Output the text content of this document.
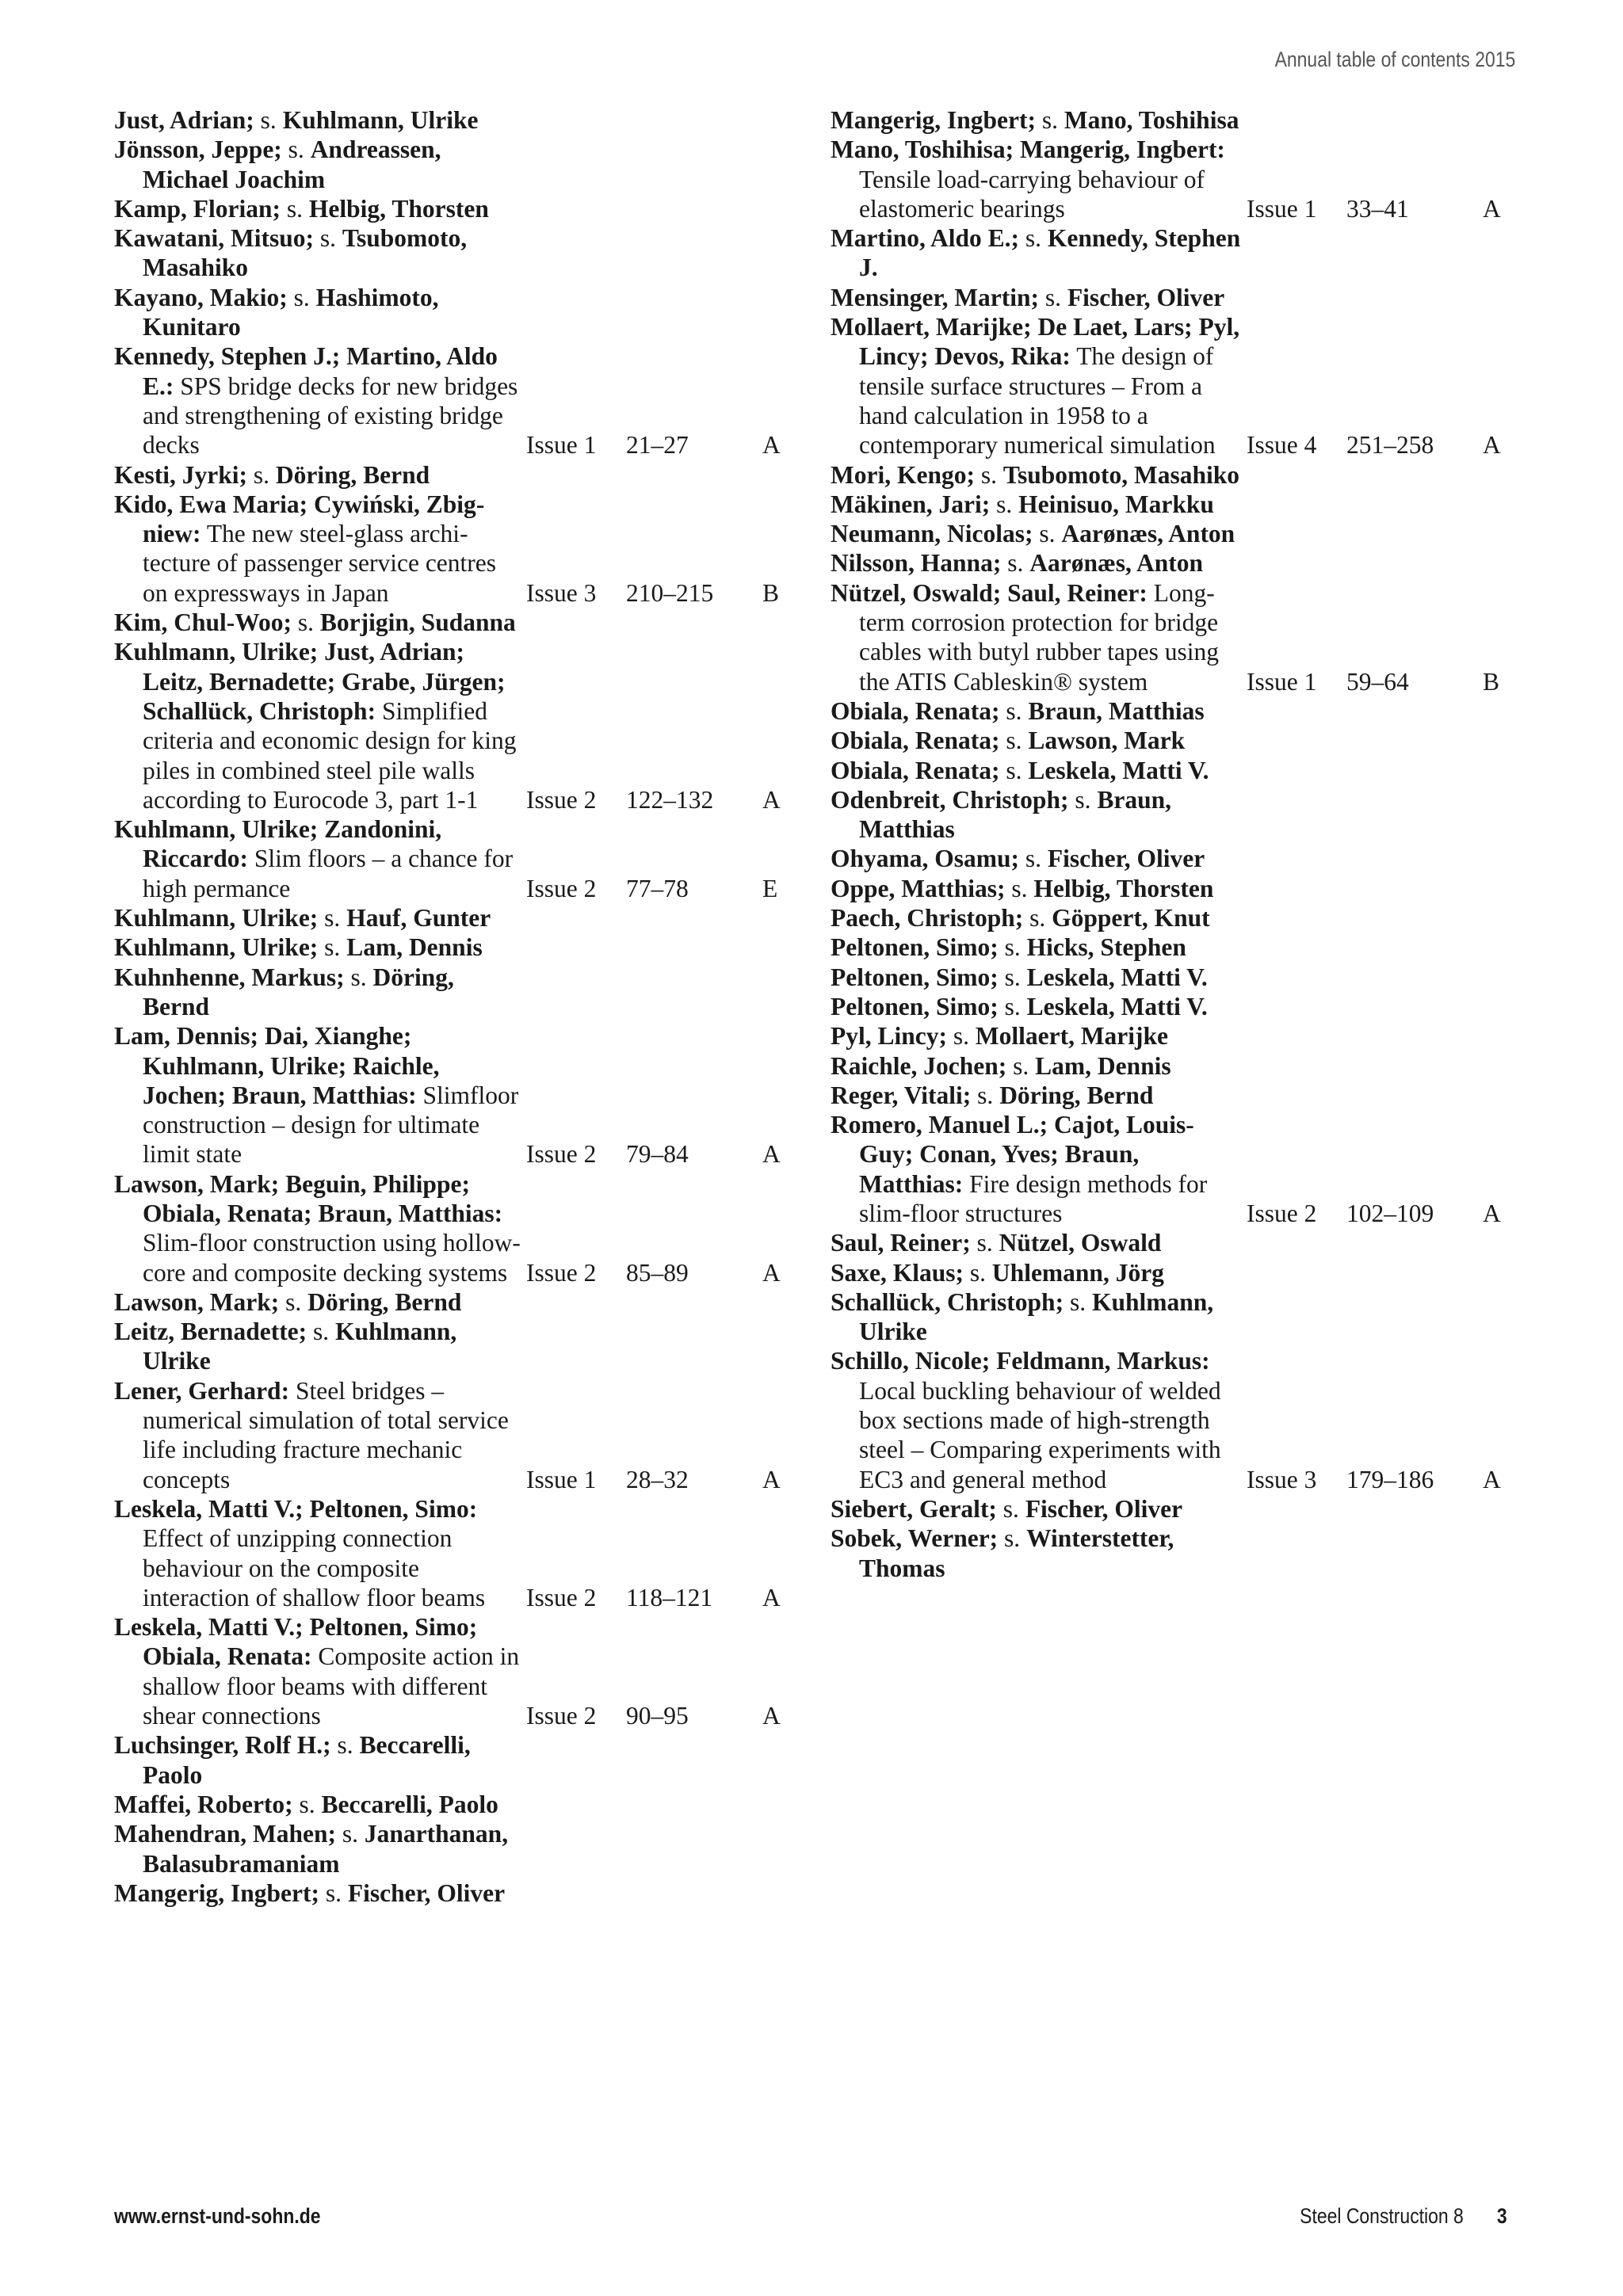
Annual table of contents 2015
Just, Adrian; s. Kuhlmann, Ulrike
Jönsson, Jeppe; s. Andreassen, Michael Joachim
Kamp, Florian; s. Helbig, Thorsten
Kawatani, Mitsuo; s. Tsubomoto, Masahiko
Kayano, Makio; s. Hashimoto, Kunitaro
Kennedy, Stephen J.; Martino, Aldo E.: SPS bridge decks for new bridges and strengthening of existing bridge decks	Issue 1	21–27	A
Kesti, Jyrki; s. Döring, Bernd
Kido, Ewa Maria; Cywiński, Zbigniew: The new steel-glass architecture of passenger service centres on expressways in Japan	Issue 3	210–215	B
Kim, Chul-Woo; s. Borjigin, Sudanna
Kuhlmann, Ulrike; Just, Adrian; Leitz, Bernadette; Grabe, Jürgen; Schallück, Christoph: Simplified criteria and economic design for king piles in combined steel pile walls according to Eurocode 3, part 1-1	Issue 2	122–132	A
Kuhlmann, Ulrike; Zandonini, Riccardo: Slim floors – a chance for high permance	Issue 2	77–78	E
Kuhlmann, Ulrike; s. Hauf, Gunter
Kuhlmann, Ulrike; s. Lam, Dennis
Kuhnhenne, Markus; s. Döring, Bernd
Lam, Dennis; Dai, Xianghe; Kuhlmann, Ulrike; Raichle, Jochen; Braun, Matthias: Slimfloor construction – design for ultimate limit state	Issue 2	79–84	A
Lawson, Mark; Beguin, Philippe; Obiala, Renata; Braun, Matthias: Slim-floor construction using hollow-core and composite decking systems Issue 2	85–89	A
Lawson, Mark; s. Döring, Bernd
Leitz, Bernadette; s. Kuhlmann, Ulrike
Lener, Gerhard: Steel bridges – numerical simulation of total service life including fracture mechanic concepts	Issue 1	28–32	A
Leskela, Matti V.; Peltonen, Simo: Effect of unzipping connection behaviour on the composite interaction of shallow floor beams	Issue 2	118–121	A
Leskela, Matti V.; Peltonen, Simo; Obiala, Renata: Composite action in shallow floor beams with different shear connections	Issue 2	90–95	A
Luchsinger, Rolf H.; s. Beccarelli, Paolo
Maffei, Roberto; s. Beccarelli, Paolo
Mahendran, Mahen; s. Janarthanan, Balasubramaniam
Mangerig, Ingbert; s. Fischer, Oliver
Mangerig, Ingbert; s. Mano, Toshihisa
Mano, Toshihisa; Mangerig, Ingbert: Tensile load-carrying behaviour of elastomeric bearings	Issue 1	33–41	A
Martino, Aldo E.; s. Kennedy, Stephen J.
Mensinger, Martin; s. Fischer, Oliver
Mollaert, Marijke; De Laet, Lars; Pyl, Lincy; Devos, Rika: The design of tensile surface structures – From a hand calculation in 1958 to a contemporary numerical simulation	Issue 4	251–258	A
Mori, Kengo; s. Tsubomoto, Masahiko
Mäkinen, Jari; s. Heinisuo, Markku
Neumann, Nicolas; s. Aarønæs, Anton
Nilsson, Hanna; s. Aarønæs, Anton
Nützel, Oswald; Saul, Reiner: Long-term corrosion protection for bridge cables with butyl rubber tapes using the ATIS Cableskin® system	Issue 1	59–64	B
Obiala, Renata; s. Braun, Matthias
Obiala, Renata; s. Lawson, Mark
Obiala, Renata; s. Leskela, Matti V.
Odenbreit, Christoph; s. Braun, Matthias
Ohyama, Osamu; s. Fischer, Oliver
Oppe, Matthias; s. Helbig, Thorsten
Paech, Christoph; s. Göppert, Knut
Peltonen, Simo; s. Hicks, Stephen
Peltonen, Simo; s. Leskela, Matti V.
Peltonen, Simo; s. Leskela, Matti V.
Pyl, Lincy; s. Mollaert, Marijke
Raichle, Jochen; s. Lam, Dennis
Reger, Vitali; s. Döring, Bernd
Romero, Manuel L.; Cajot, Louis-Guy; Conan, Yves; Braun, Matthias: Fire design methods for slim-floor structures	Issue 2	102–109	A
Saul, Reiner; s. Nützel, Oswald
Saxe, Klaus; s. Uhlemann, Jörg
Schallück, Christoph; s. Kuhlmann, Ulrike
Schillo, Nicole; Feldmann, Markus: Local buckling behaviour of welded box sections made of high-strength steel – Comparing experiments with EC3 and general method	Issue 3	179–186	A
Siebert, Geralt; s. Fischer, Oliver
Sobek, Werner; s. Winterstetter, Thomas
www.ernst-und-sohn.de	Steel Construction 8 3
